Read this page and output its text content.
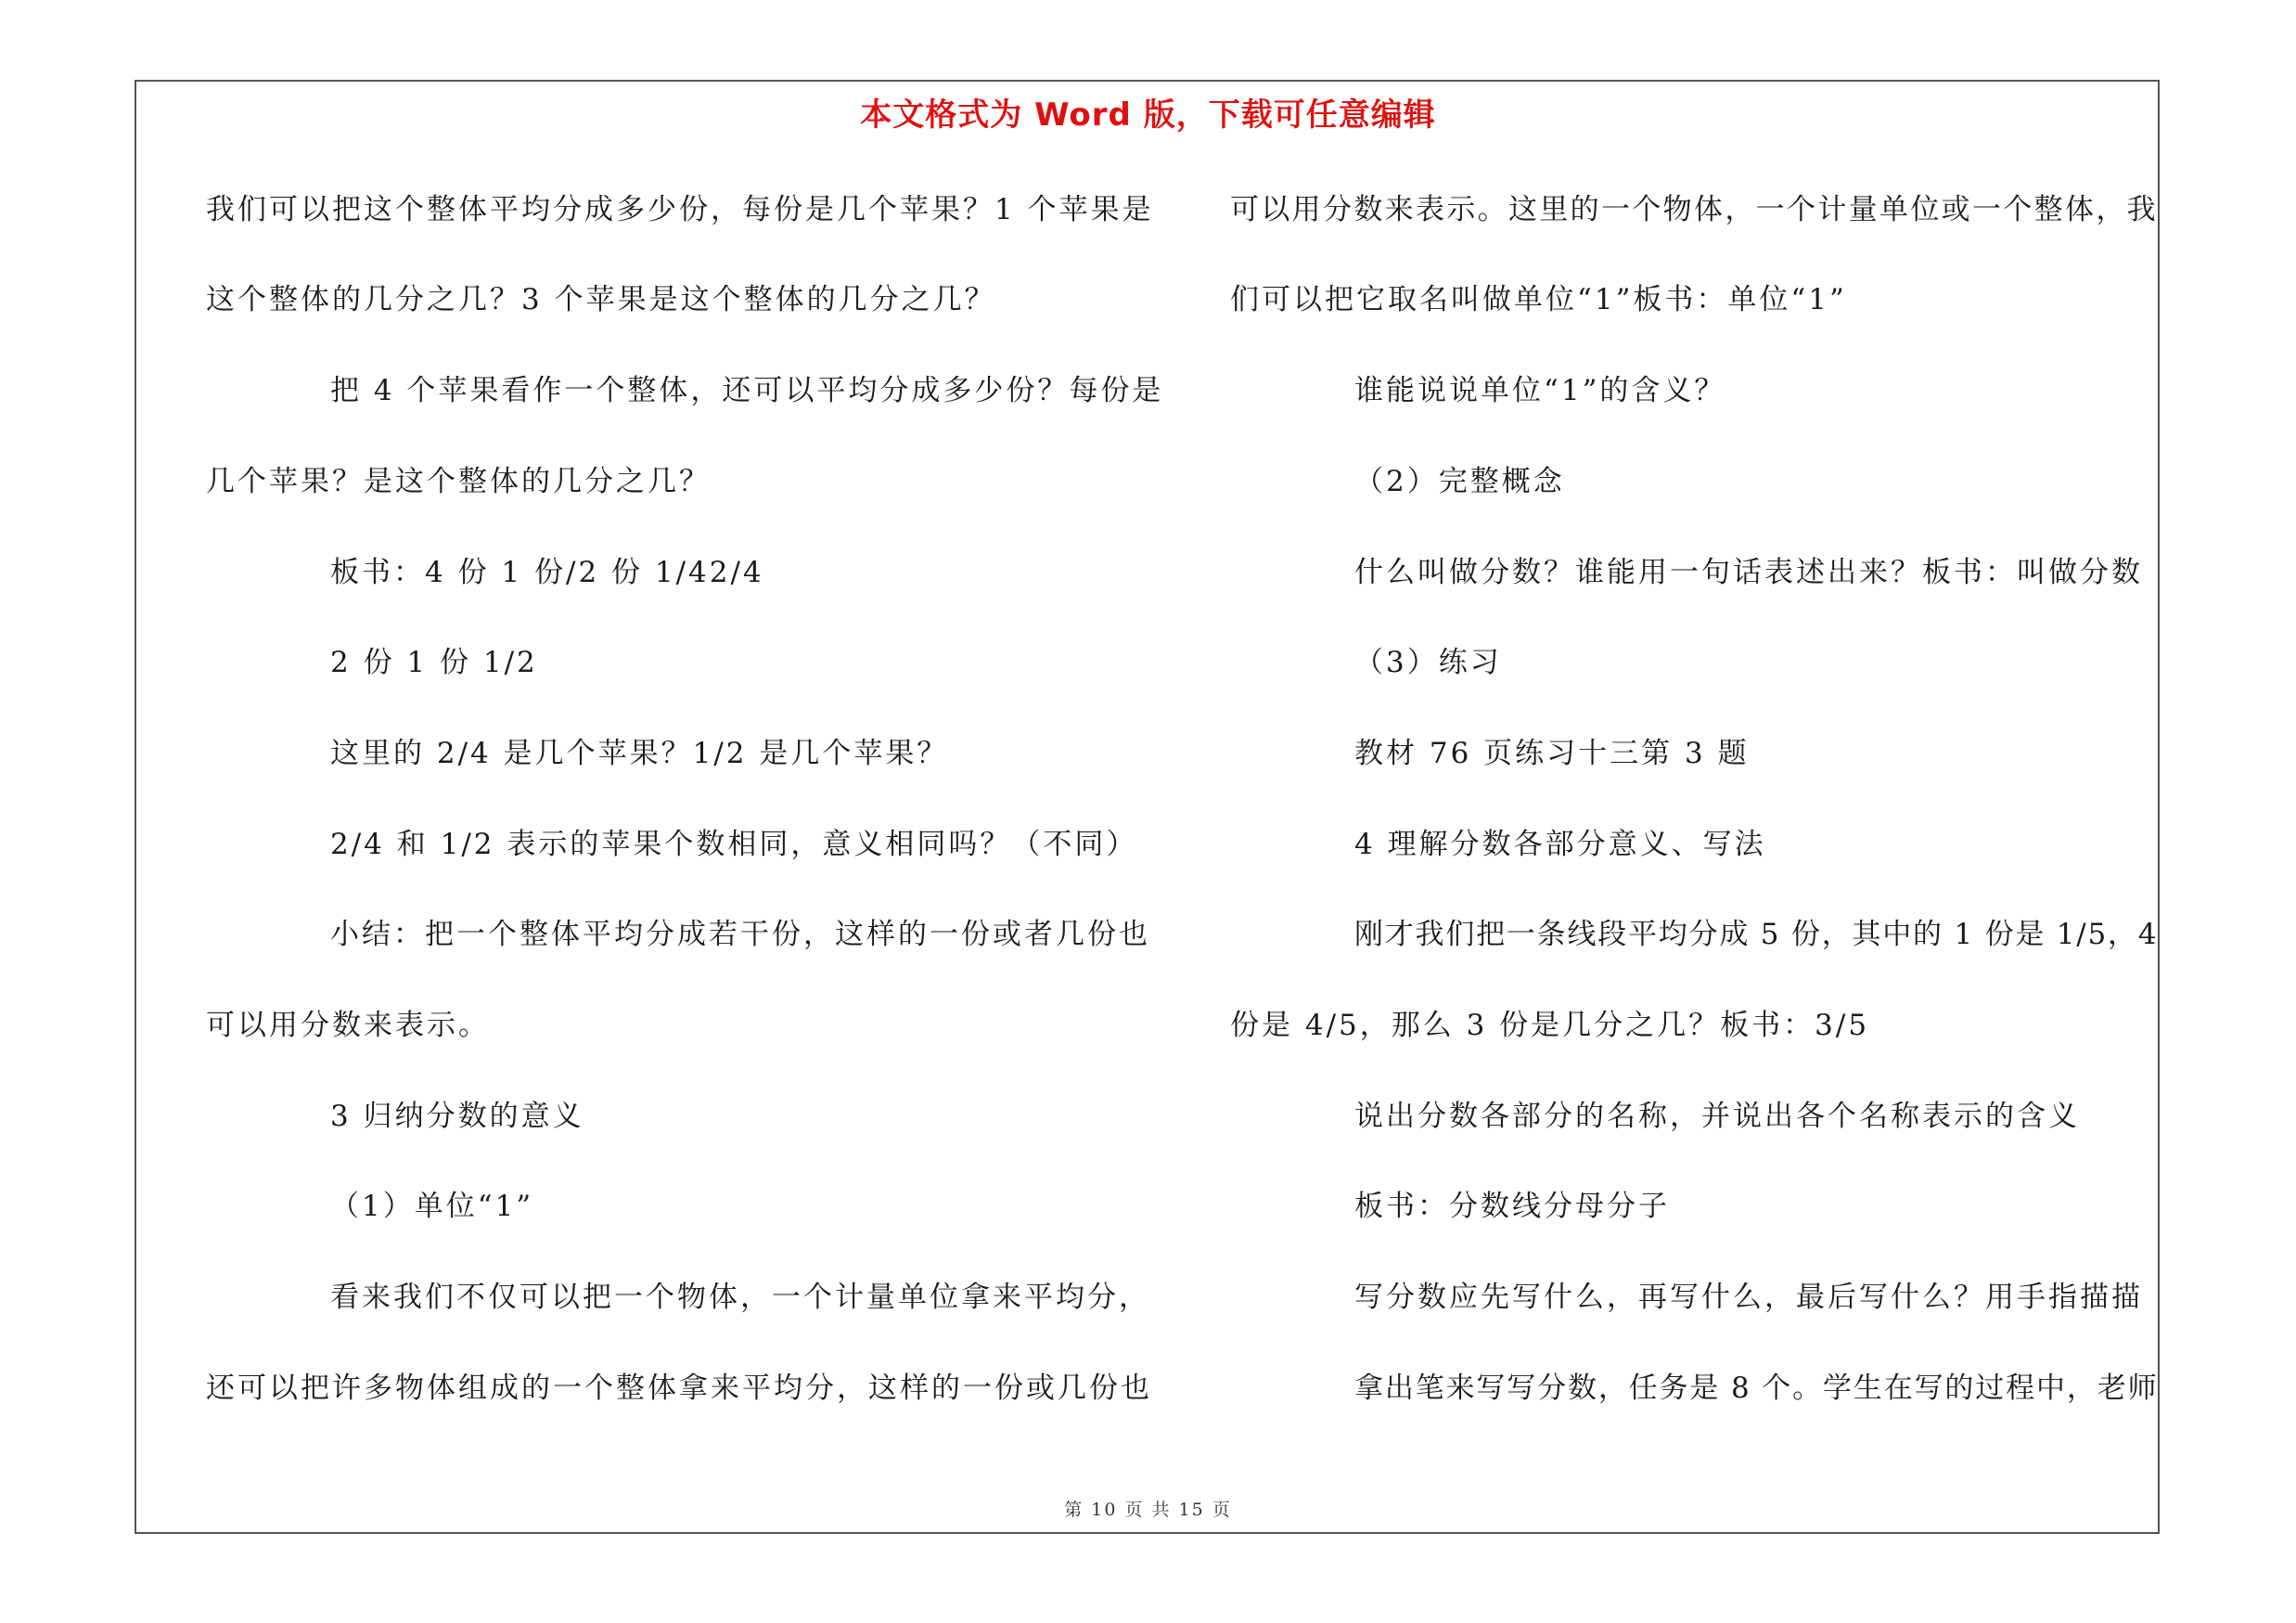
本文格式为 Word 版，下载可任意编辑
我们可以把这个整体平均分成多少份，每份是几个苹果？1 个苹果是
这个整体的几分之几？3 个苹果是这个整体的几分之几？
把 4 个苹果看作一个整体，还可以平均分成多少份？每份是
几个苹果？是这个整体的几分之几？
板书：4 份 1 份/2 份 1/42/4
2 份 1 份 1/2
这里的 2/4 是几个苹果？1/2 是几个苹果？
2/4 和 1/2 表示的苹果个数相同，意义相同吗？（不同）
小结：把一个整体平均分成若干份，这样的一份或者几份也
可以用分数来表示。
3 归纳分数的意义
（1）单位“1”
看来我们不仅可以把一个物体，一个计量单位拿来平均分，
还可以把许多物体组成的一个整体拿来平均分，这样的一份或几份也
可以用分数来表示。这里的一个物体，一个计量单位或一个整体，我
们可以把它取名叫做单位“1”板书：单位“1”
谁能说说单位“1”的含义？
（2）完整概念
什么叫做分数？谁能用一句话表述出来？板书：叫做分数
（3）练习
教材 76 页练习十三第 3 题
4 理解分数各部分意义、写法
刚才我们把一条线段平均分成 5 份，其中的 1 份是 1/5，4
份是 4/5，那么 3 份是几分之几？板书：3/5
说出分数各部分的名称，并说出各个名称表示的含义
板书：分数线分母分子
写分数应先写什么，再写什么，最后写什么？用手指描描
拿出笔来写写分数，任务是 8 个。学生在写的过程中，老师
第 10 页 共 15 页
